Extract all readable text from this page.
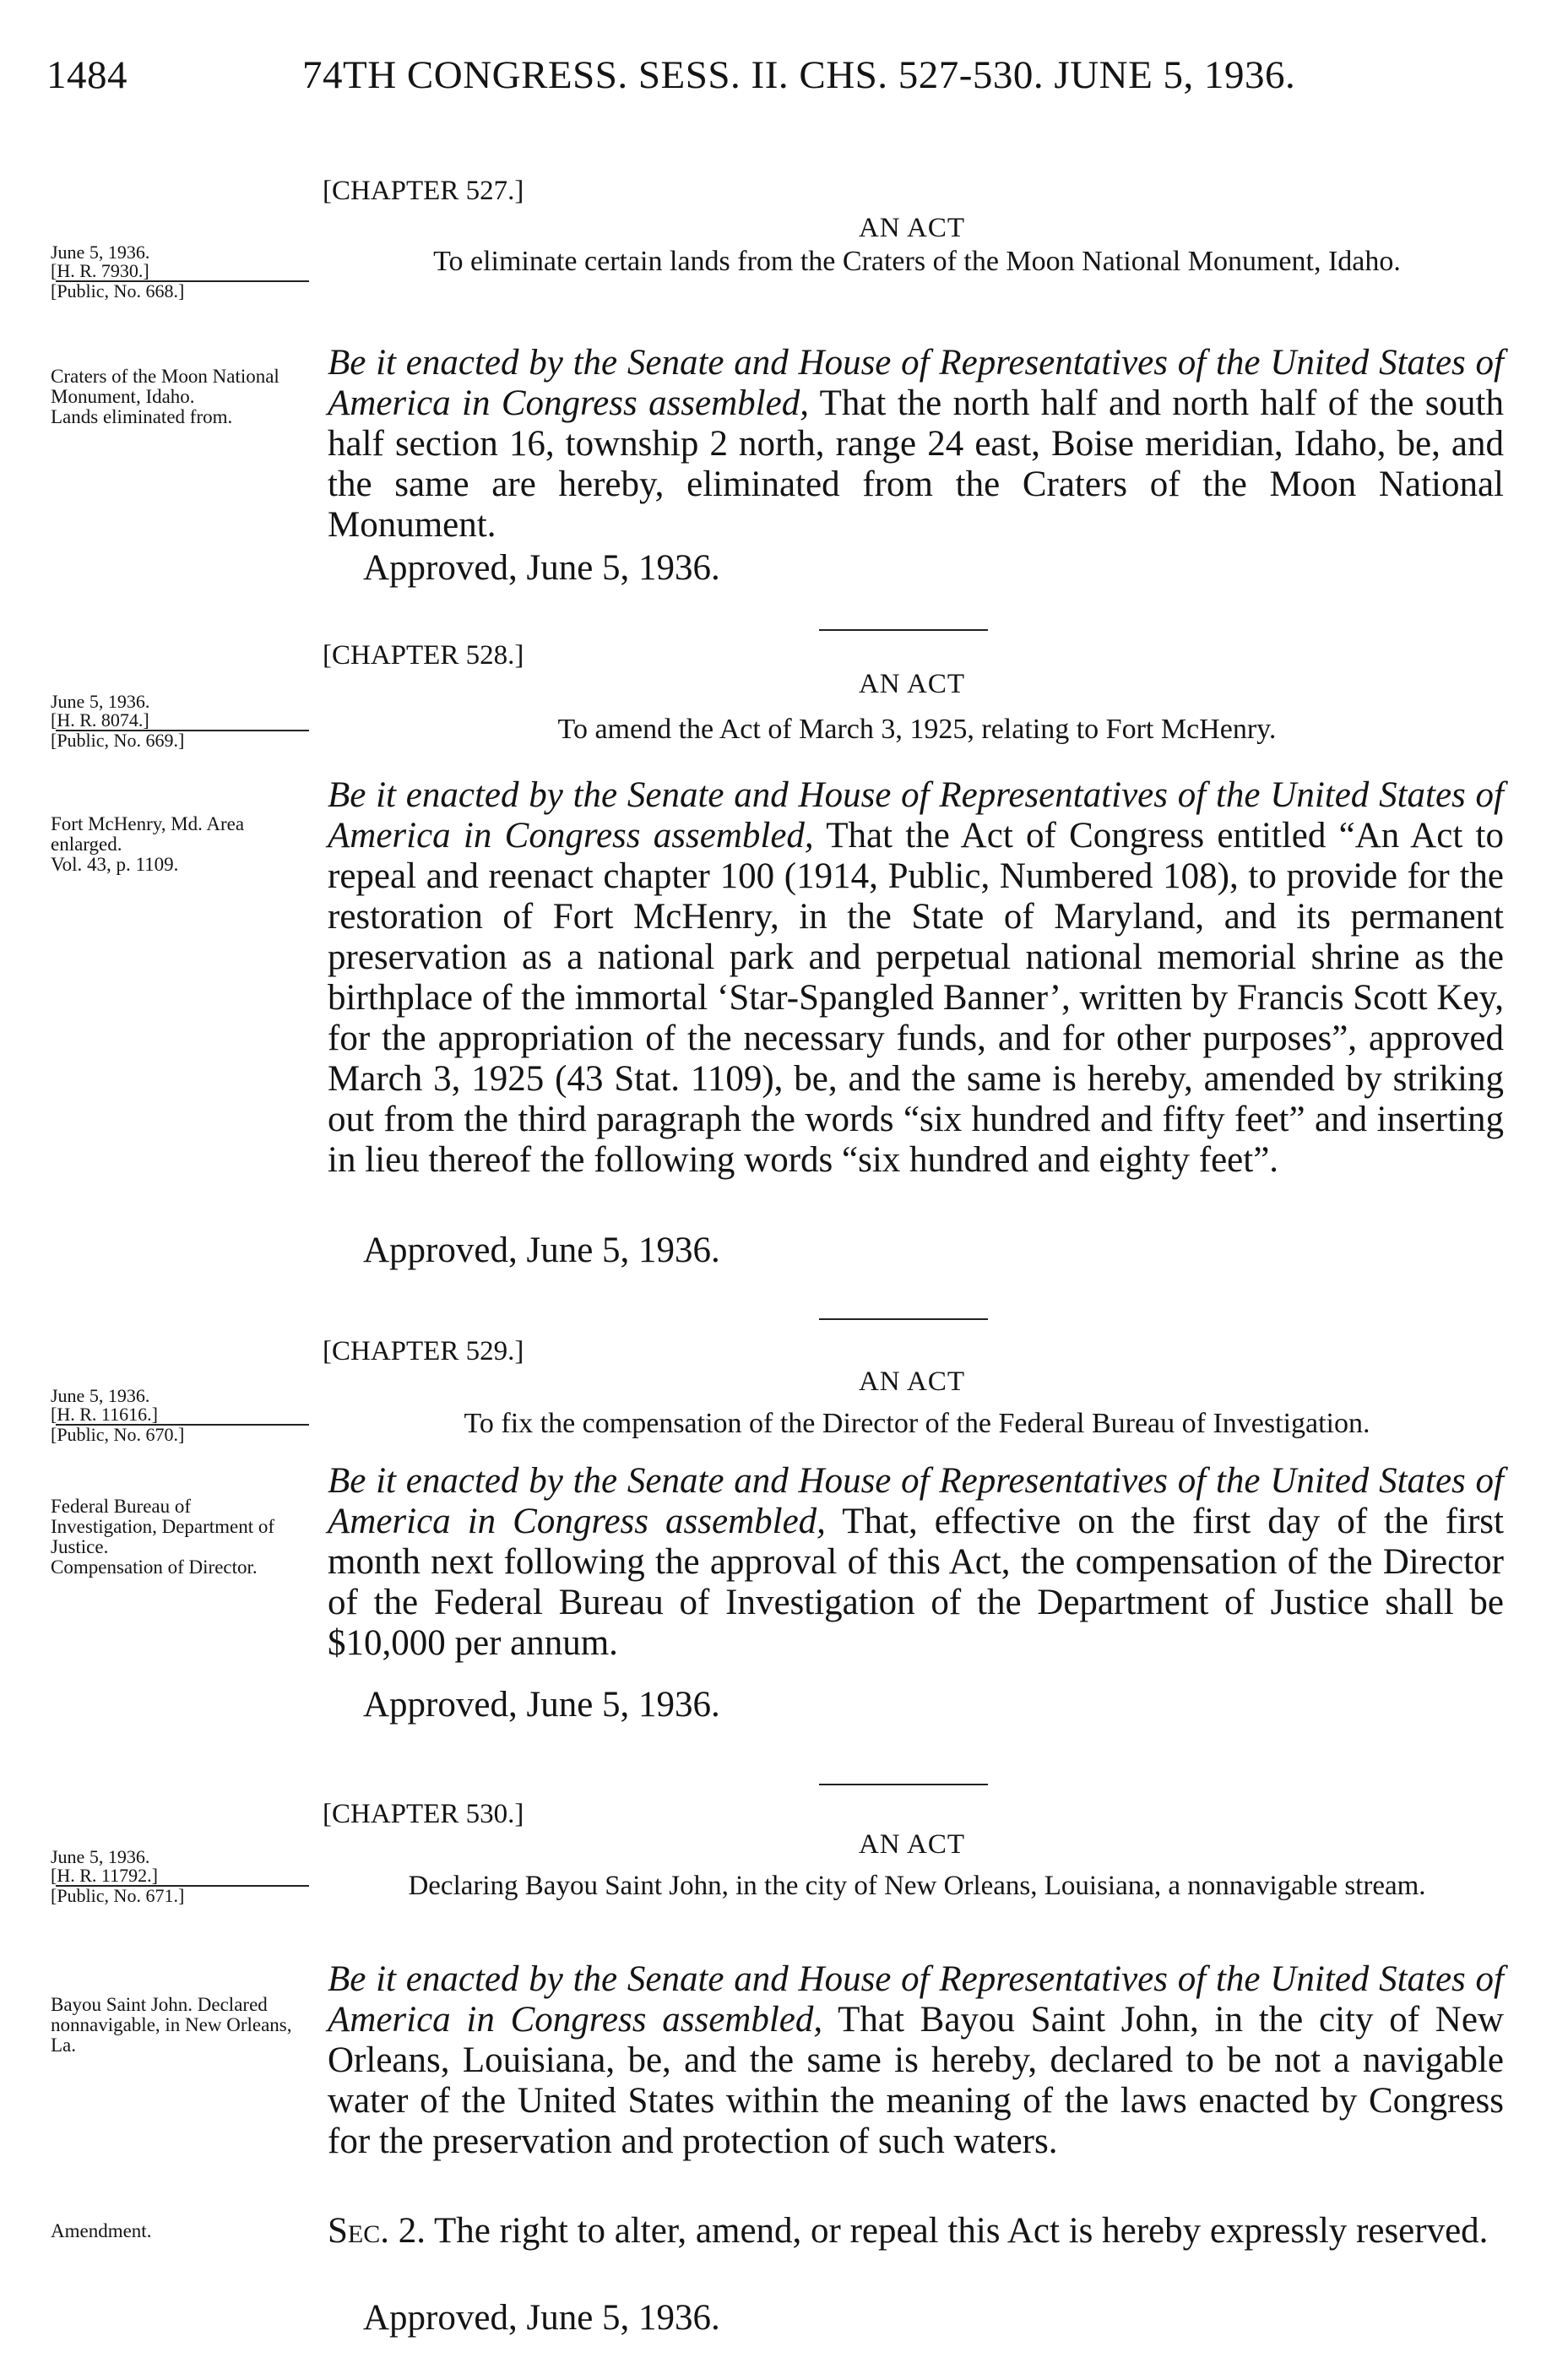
1484	74TH CONGRESS. SESS. II. CHS. 527-530. JUNE 5, 1936.
[CHAPTER 527.]
AN ACT
To eliminate certain lands from the Craters of the Moon National Monument, Idaho.
June 5, 1936.
[H. R. 7930.]
[Public, No. 668.]
Craters of the Moon National Monument, Idaho.
Lands eliminated from.
Be it enacted by the Senate and House of Representatives of the United States of America in Congress assembled, That the north half and north half of the south half section 16, township 2 north, range 24 east, Boise meridian, Idaho, be, and the same are hereby, eliminated from the Craters of the Moon National Monument.
Approved, June 5, 1936.
[CHAPTER 528.]
AN ACT
To amend the Act of March 3, 1925, relating to Fort McHenry.
June 5, 1936.
[H. R. 8074.]
[Public, No. 669.]
Fort McHenry, Md. Area enlarged.
Vol. 43, p. 1109.
Be it enacted by the Senate and House of Representatives of the United States of America in Congress assembled, That the Act of Congress entitled “An Act to repeal and reenact chapter 100 (1914, Public, Numbered 108), to provide for the restoration of Fort McHenry, in the State of Maryland, and its permanent preservation as a national park and perpetual national memorial shrine as the birthplace of the immortal ‘Star-Spangled Banner’, written by Francis Scott Key, for the appropriation of the necessary funds, and for other purposes”, approved March 3, 1925 (43 Stat. 1109), be, and the same is hereby, amended by striking out from the third paragraph the words “six hundred and fifty feet” and inserting in lieu thereof the following words “six hundred and eighty feet”.
Approved, June 5, 1936.
[CHAPTER 529.]
AN ACT
To fix the compensation of the Director of the Federal Bureau of Investigation.
June 5, 1936.
[H. R. 11616.]
[Public, No. 670.]
Federal Bureau of Investigation, Department of Justice.
Compensation of Director.
Be it enacted by the Senate and House of Representatives of the United States of America in Congress assembled, That, effective on the first day of the first month next following the approval of this Act, the compensation of the Director of the Federal Bureau of Investigation of the Department of Justice shall be $10,000 per annum.
Approved, June 5, 1936.
[CHAPTER 530.]
AN ACT
Declaring Bayou Saint John, in the city of New Orleans, Louisiana, a nonnavigable stream.
June 5, 1936.
[H. R. 11792.]
[Public, No. 671.]
Bayou Saint John. Declared nonnavigable, in New Orleans, La.
Amendment.
Be it enacted by the Senate and House of Representatives of the United States of America in Congress assembled, That Bayou Saint John, in the city of New Orleans, Louisiana, be, and the same is hereby, declared to be not a navigable water of the United States within the meaning of the laws enacted by Congress for the preservation and protection of such waters.
Sec. 2. The right to alter, amend, or repeal this Act is hereby expressly reserved.
Approved, June 5, 1936.
